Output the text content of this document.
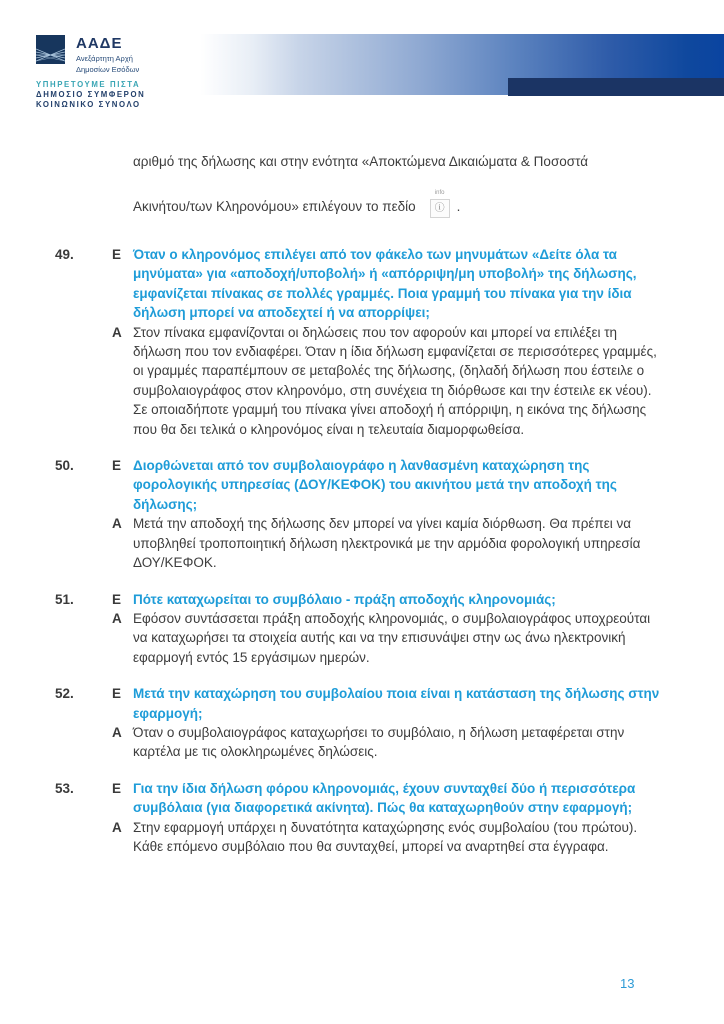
ΑΑΔΕ
Ανεξάρτητη Αρχή
Δημοσίων Εσόδων
ΥΠΗΡΕΤΟΥΜΕ ΠΙΣΤΑ
ΔΗΜΟΣΙΟ ΣΥΜΦΕΡΟΝ
ΚΟΙΝΩΝΙΚΟ ΣΥΝΟΛΟ
αριθμό της δήλωσης και στην ενότητα «Αποκτώμενα Δικαιώματα & Ποσοστά
Ακινήτου/των Κληρονόμου» επιλέγουν το πεδίο
info
ⓘ .
49.	Ε Όταν ο κληρονόμος επιλέγει από τον φάκελο των μηνυμάτων «Δείτε όλα τα μηνύματα» για «αποδοχή/υποβολή» ή «απόρριψη/μη υποβολή» της δήλωσης, εμφανίζεται πίνακας σε πολλές γραμμές. Ποια γραμμή του πίνακα για την ίδια δήλωση μπορεί να αποδεχτεί ή να απορρίψει;
Α Στον πίνακα εμφανίζονται οι δηλώσεις που τον αφορούν και μπορεί να επιλέξει τη δήλωση που τον ενδιαφέρει. Όταν η ίδια δήλωση εμφανίζεται σε περισσότερες γραμμές, οι γραμμές παραπέμπουν σε μεταβολές της δήλωσης, (δηλαδή δήλωση που έστειλε ο συμβολαιογράφος στον κληρονόμο, στη συνέχεια τη διόρθωσε και την έστειλε εκ νέου). Σε οποιαδήποτε γραμμή του πίνακα γίνει αποδοχή ή απόρριψη, η εικόνα της δήλωσης που θα δει τελικά ο κληρονόμος είναι η τελευταία διαμορφωθείσα.
50.	Ε Διορθώνεται από τον συμβολαιογράφο η λανθασμένη καταχώρηση της φορολογικής υπηρεσίας (ΔΟΥ/ΚΕΦΟΚ) του ακινήτου μετά την αποδοχή της δήλωσης;
Α Μετά την αποδοχή της δήλωσης δεν μπορεί να γίνει καμία διόρθωση. Θα πρέπει να υποβληθεί τροποποιητική δήλωση ηλεκτρονικά με την αρμόδια φορολογική υπηρεσία ΔΟΥ/ΚΕΦΟΚ.
51.	Ε Πότε καταχωρείται το συμβόλαιο - πράξη αποδοχής κληρονομιάς;
Α Εφόσον συντάσσεται πράξη αποδοχής κληρονομιάς, ο συμβολαιογράφος υποχρεούται να καταχωρήσει τα στοιχεία αυτής και να την επισυνάψει στην ως άνω ηλεκτρονική εφαρμογή εντός 15 εργάσιμων ημερών.
52.	Ε Μετά την καταχώρηση του συμβολαίου ποια είναι η κατάσταση της δήλωσης στην εφαρμογή;
Α Όταν ο συμβολαιογράφος καταχωρήσει το συμβόλαιο, η δήλωση μεταφέρεται στην καρτέλα με τις ολοκληρωμένες δηλώσεις.
53.	Ε Για την ίδια δήλωση φόρου κληρονομιάς, έχουν συνταχθεί δύο ή περισσότερα συμβόλαια (για διαφορετικά ακίνητα). Πώς θα καταχωρηθούν στην εφαρμογή;
Α Στην εφαρμογή υπάρχει η δυνατότητα καταχώρησης ενός συμβολαίου (του πρώτου). Κάθε επόμενο συμβόλαιο που θα συνταχθεί, μπορεί να αναρτηθεί στα έγγραφα.
13
